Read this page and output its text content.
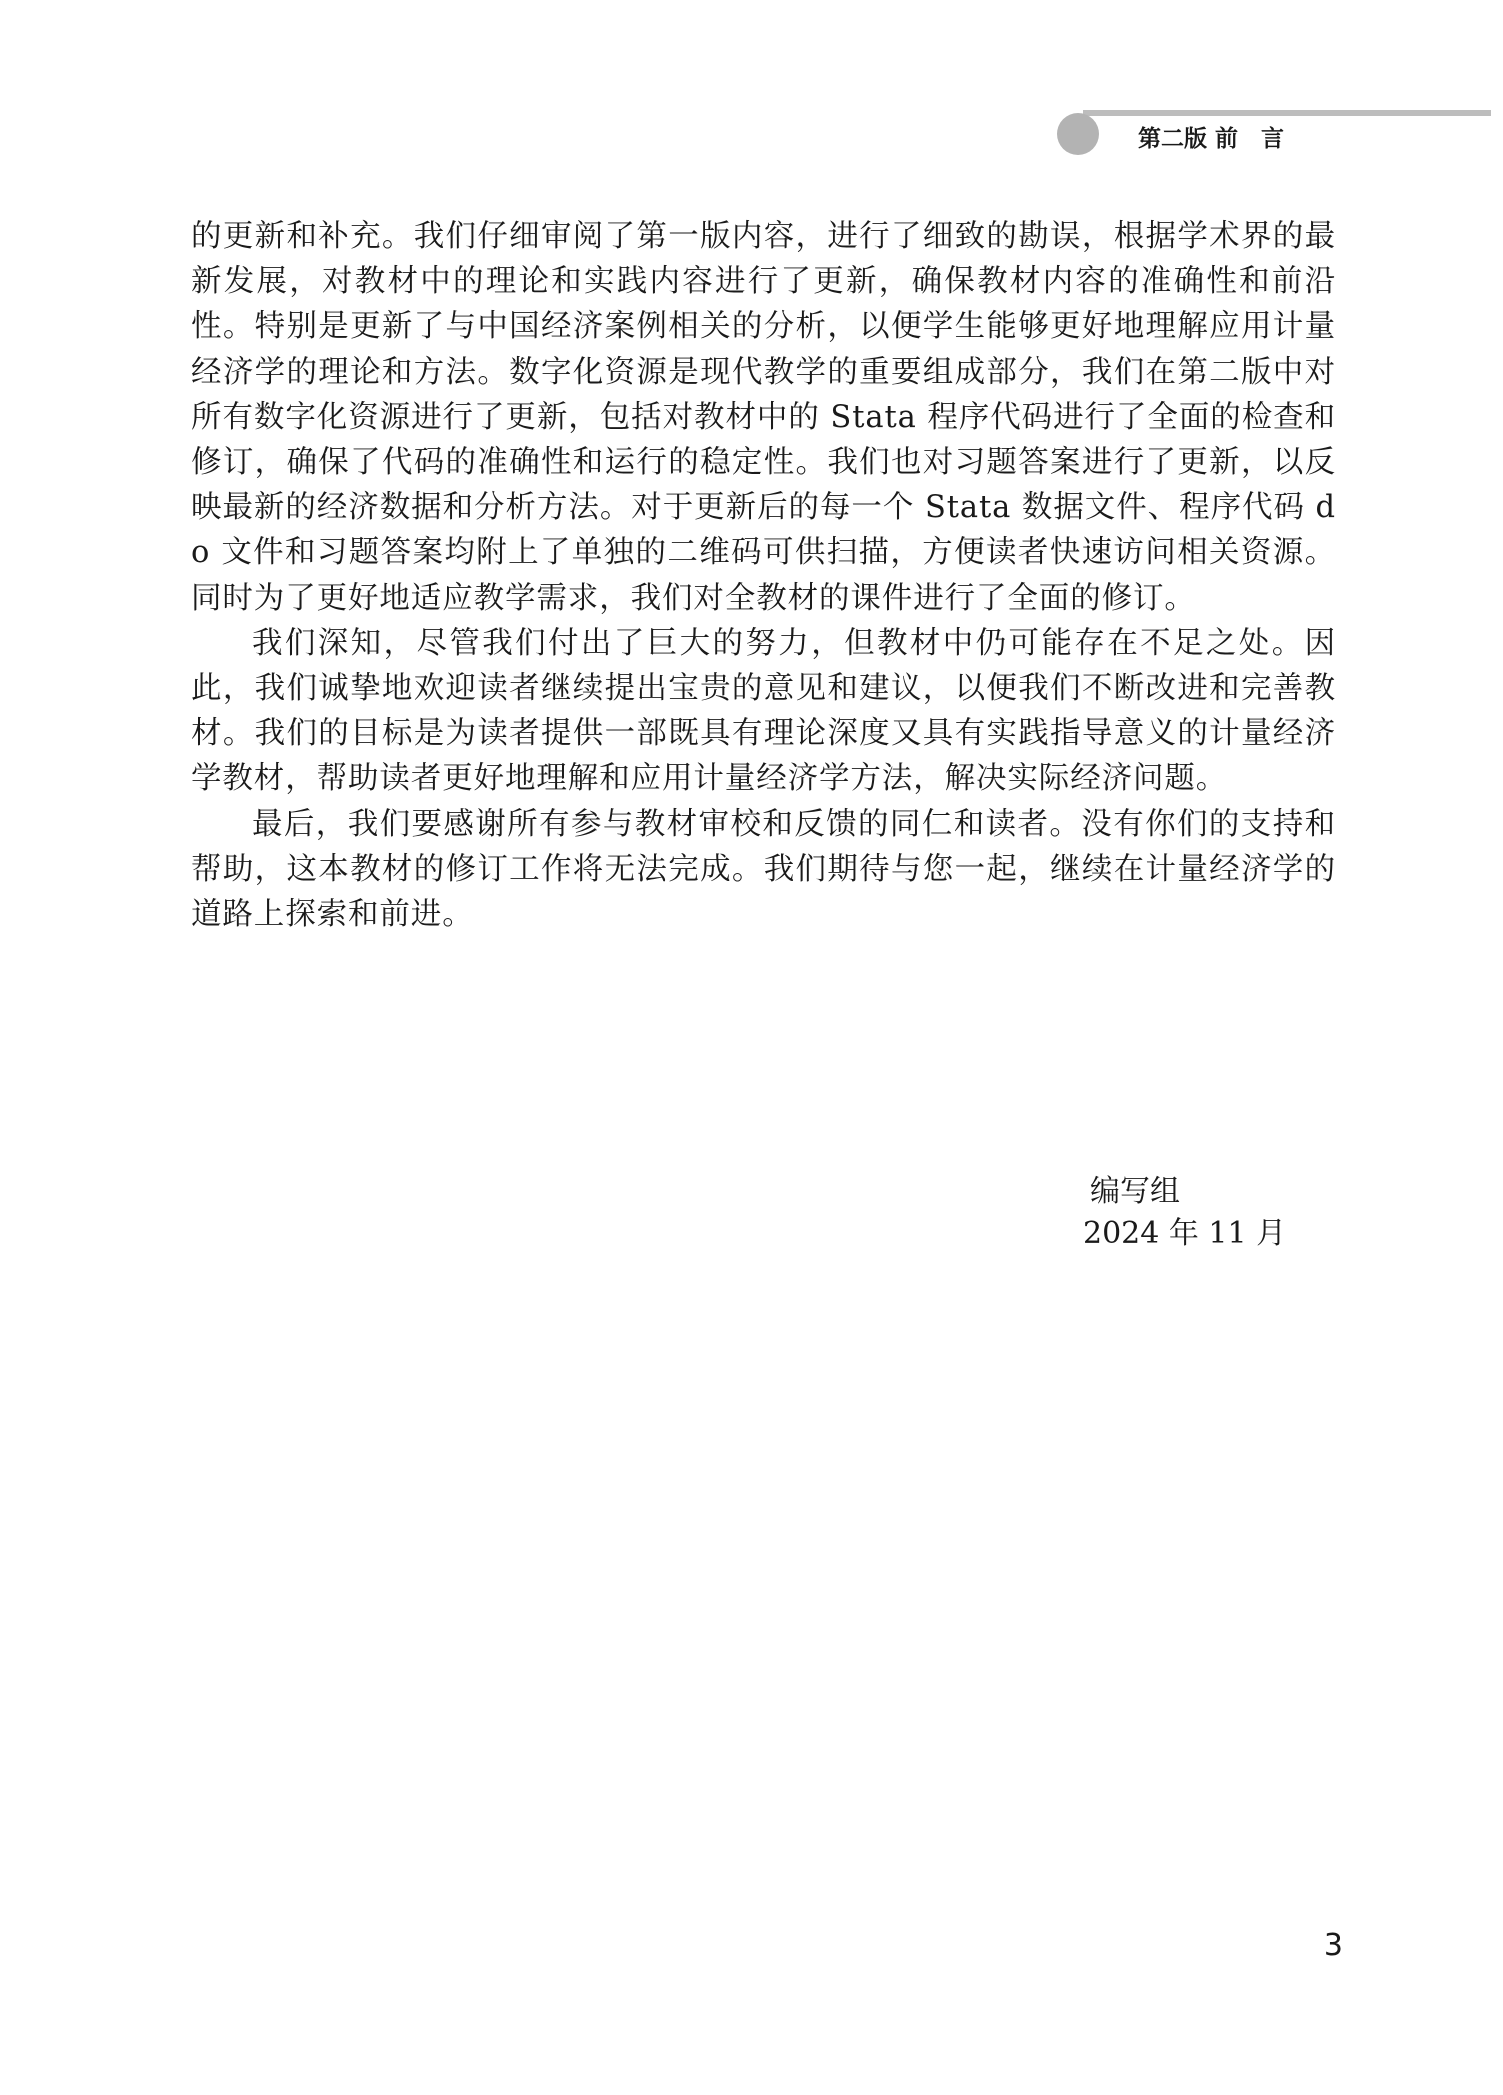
第二版 前　言

的更新和补充。我们仔细审阅了第一版内容，进行了细致的勘误，根据学术界的最新发展，对教材中的理论和实践内容进行了更新，确保教材内容的准确性和前沿性。特别是更新了与中国经济案例相关的分析，以便学生能够更好地理解应用计量经济学的理论和方法。数字化资源是现代教学的重要组成部分，我们在第二版中对所有数字化资源进行了更新，包括对教材中的 Stata 程序代码进行了全面的检查和修订，确保了代码的准确性和运行的稳定性。我们也对习题答案进行了更新，以反映最新的经济数据和分析方法。对于更新后的每一个 Stata 数据文件、程序代码 do 文件和习题答案均附上了单独的二维码可供扫描，方便读者快速访问相关资源。同时为了更好地适应教学需求，我们对全教材的课件进行了全面的修订。

我们深知，尽管我们付出了巨大的努力，但教材中仍可能存在不足之处。因此，我们诚挚地欢迎读者继续提出宝贵的意见和建议，以便我们不断改进和完善教材。我们的目标是为读者提供一部既具有理论深度又具有实践指导意义的计量经济学教材，帮助读者更好地理解和应用计量经济学方法，解决实际经济问题。

最后，我们要感谢所有参与教材审校和反馈的同仁和读者。没有你们的支持和帮助，这本教材的修订工作将无法完成。我们期待与您一起，继续在计量经济学的道路上探索和前进。

编写组
2024 年 11 月
3
